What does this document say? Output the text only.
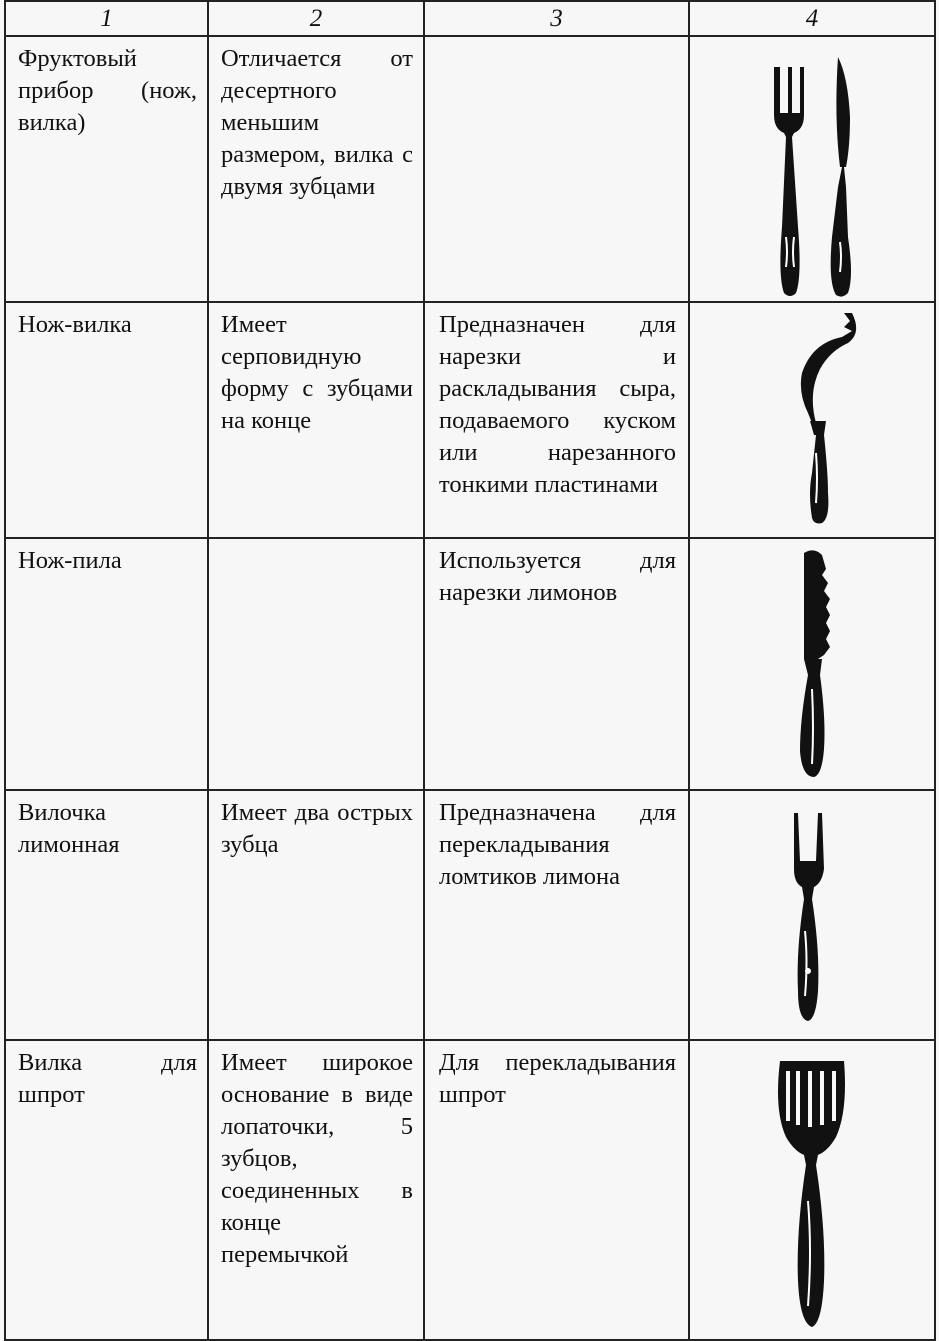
1	2	3	4

Фруктовый прибор (нож, вилка)	Отличается от десертного меньшим размером, вилка с двумя зубцами

Нож-вилка	Имеет серповидную форму с зубцами на конце	Предназначен для нарезки и раскладывания сыра, подаваемого куском или нарезанного тонкими пластинами

Нож-пила		Используется для нарезки лимонов

Вилочка лимонная	Имеет два острых зубца	Предназначена для перекладывания ломтиков лимона

Вилка для шпрот	Имеет широкое основание в виде лопаточки, 5 зубцов, соединенных в конце перемычкой	Для перекладывания шпрот
